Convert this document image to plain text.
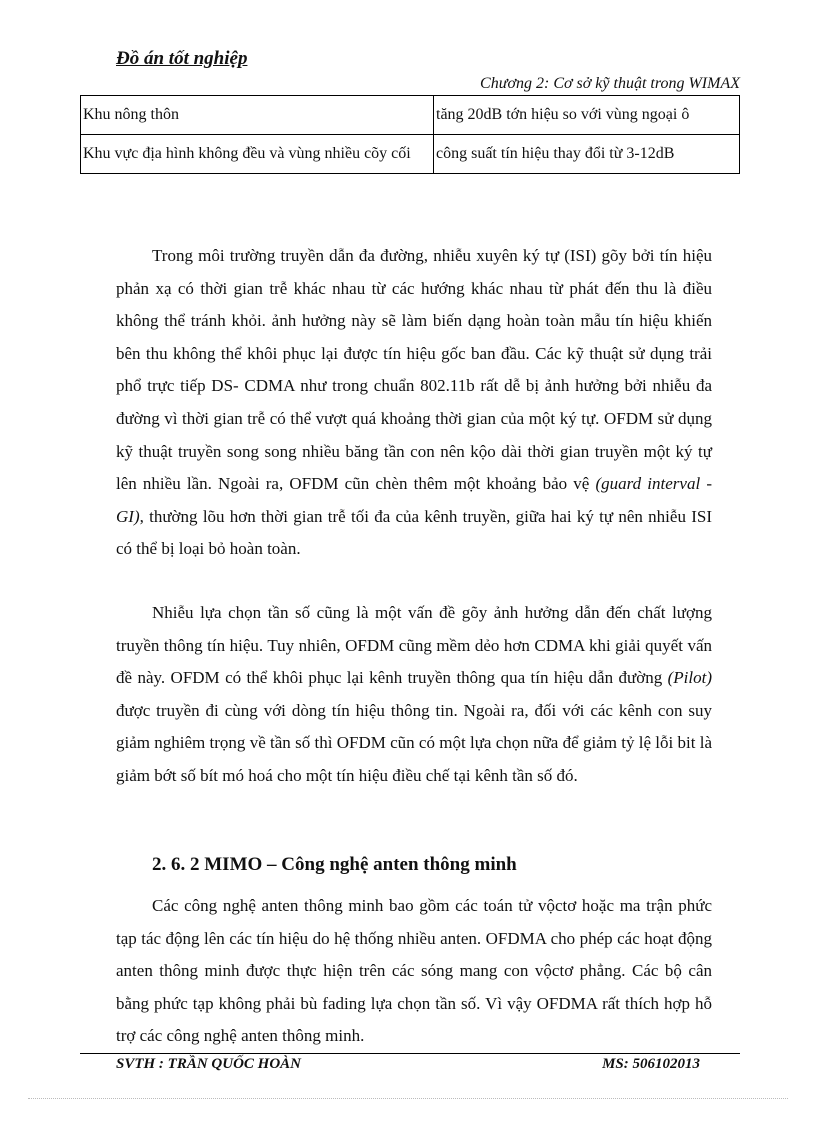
Đồ án tốt nghiệp
Chương 2: Cơ sở kỹ thuật trong WIMAX
Khu nông thôn	tăng 20dB tớn hiệu so với vùng ngoại ô
Khu vực địa hình không đều và vùng nhiều cõy cối	công suất tín hiệu thay đổi từ 3-12dB

Trong môi trường truyền dẫn đa đường, nhiễu xuyên ký tự (ISI) gõy bởi tín hiệu phản xạ có thời gian trễ khác nhau từ các hướng khác nhau từ phát đến thu là điều không thể tránh khỏi. ảnh hưởng này sẽ làm biến dạng hoàn toàn mẫu tín hiệu khiến bên thu không thể khôi phục lại được tín hiệu gốc ban đầu. Các kỹ thuật sử dụng trải phổ trực tiếp DS- CDMA như trong chuẩn 802.11b rất dễ bị ảnh hưởng bởi nhiễu đa đường vì thời gian trễ có thể vượt quá khoảng thời gian của một ký tự. OFDM sử dụng kỹ thuật truyền song song nhiều băng tần con nên kộo dài thời gian truyền một ký tự lên nhiều lần. Ngoài ra, OFDM cũn chèn thêm một khoảng bảo vệ (guard interval - GI), thường lõu hơn thời gian trễ tối đa của kênh truyền, giữa hai ký tự nên nhiễu ISI có thể bị loại bỏ hoàn toàn.

Nhiễu lựa chọn tần số cũng là một vấn đề gõy ảnh hưởng dẫn đến chất lượng truyền thông tín hiệu. Tuy nhiên, OFDM cũng mềm dẻo hơn CDMA khi giải quyết vấn đề này. OFDM có thể khôi phục lại kênh truyền thông qua tín hiệu dẫn đường (Pilot) được truyền đi cùng với dòng tín hiệu thông tin. Ngoài ra, đối với các kênh con suy giảm nghiêm trọng về tần số thì OFDM cũn có một lựa chọn nữa để giảm tỷ lệ lỗi bit là giảm bớt số bít mó hoá cho một tín hiệu điều chế tại kênh tần số đó.

2. 6. 2 MIMO – Công nghệ anten thông minh

Các công nghệ anten thông minh bao gồm các toán tử vộctơ hoặc ma trận phức tạp tác động lên các tín hiệu do hệ thống nhiều anten. OFDMA cho phép các hoạt động anten thông minh được thực hiện trên các sóng mang con vộctơ phẳng. Các bộ cân bằng phức tạp không phải bù fading lựa chọn tần số. Vì vậy OFDMA rất thích hợp hỗ trợ các công nghệ anten thông minh.

SVTH : TRẦN QUỐC HOÀN	MS: 506102013
